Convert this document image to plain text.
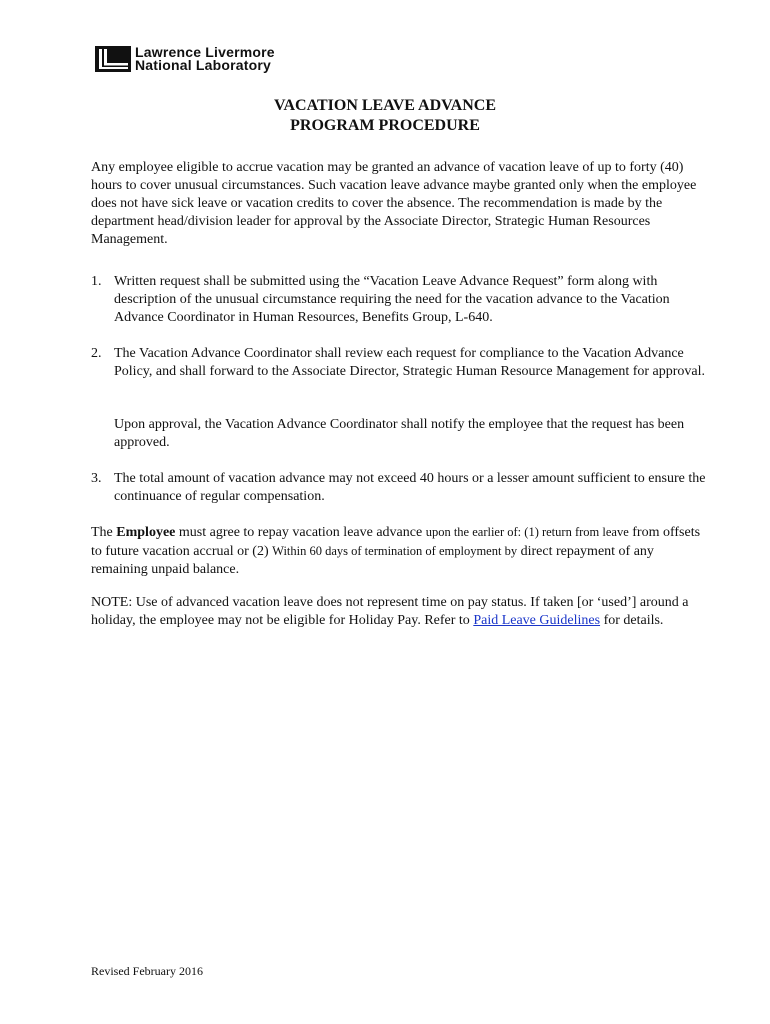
Lawrence Livermore
National Laboratory
VACATION LEAVE ADVANCE
PROGRAM PROCEDURE

Any employee eligible to accrue vacation may be granted an advance of vacation leave of up to forty (40) hours to cover unusual circumstances. Such vacation leave advance maybe granted only when the employee does not have sick leave or vacation credits to cover the absence. The recommendation is made by the department head/division leader for approval by the Associate Director, Strategic Human Resources Management.

1. Written request shall be submitted using the “Vacation Leave Advance Request” form along with description of the unusual circumstance requiring the need for the vacation advance to the Vacation Advance Coordinator in Human Resources, Benefits Group, L-640.
2. The Vacation Advance Coordinator shall review each request for compliance to the Vacation Advance Policy, and shall forward to the Associate Director, Strategic Human Resource Management for approval.
Upon approval, the Vacation Advance Coordinator shall notify the employee that the request has been approved.
3. The total amount of vacation advance may not exceed 40 hours or a lesser amount sufficient to ensure the continuance of regular compensation.

The Employee must agree to repay vacation leave advance upon the earlier of: (1) return from leave from offsets to future vacation accrual or (2) Within 60 days of termination of employment by direct repayment of any remaining unpaid balance.

NOTE: Use of advanced vacation leave does not represent time on pay status. If taken [or ‘used’] around a holiday, the employee may not be eligible for Holiday Pay. Refer to Paid Leave Guidelines for details.

Revised February 2016
